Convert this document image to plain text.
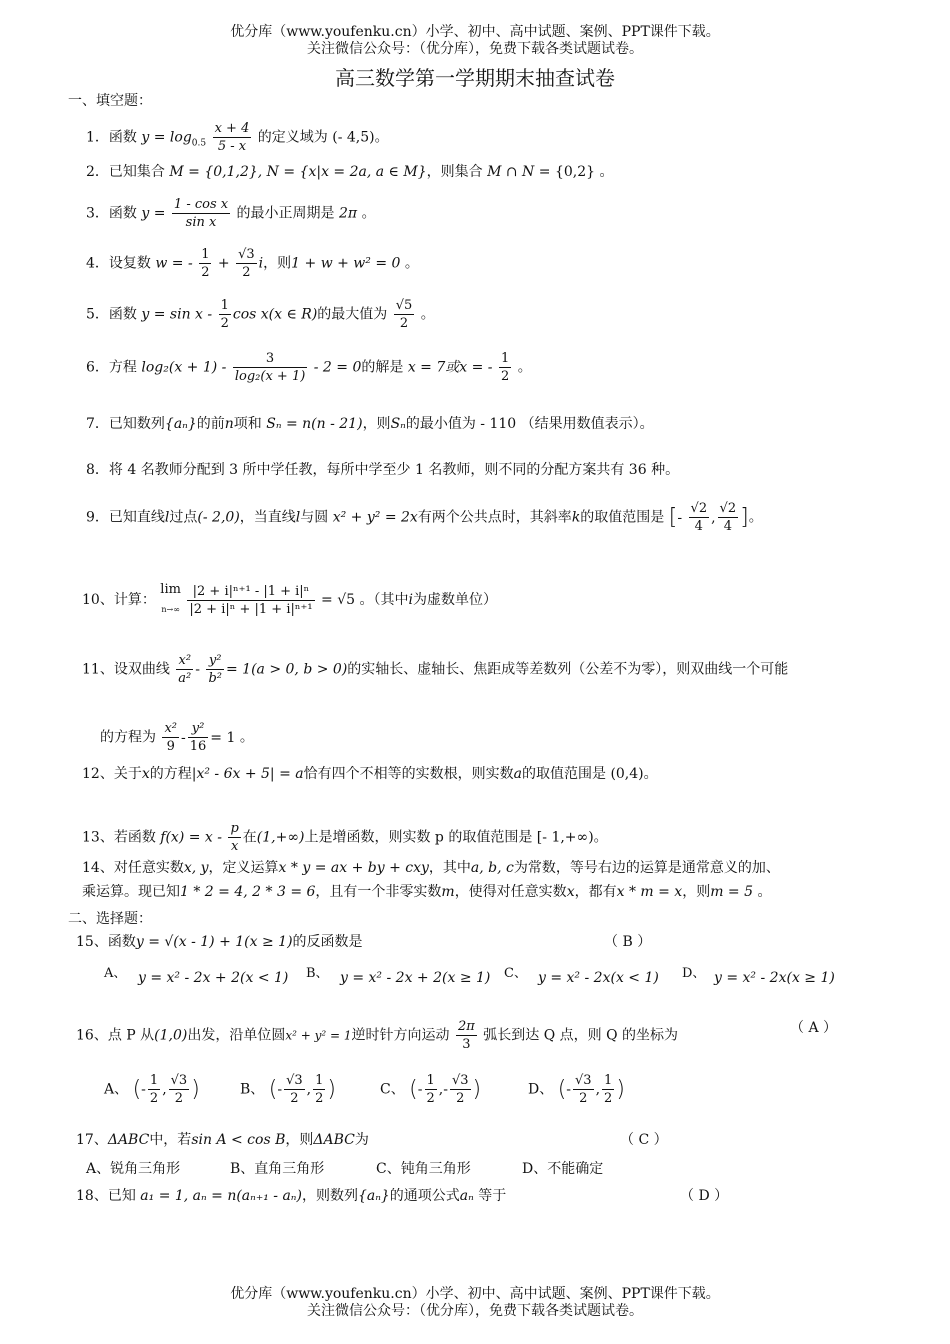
优分库（www.youfenku.cn）小学、初中、高中试题、案例、PPT课件下载。
关注微信公众号：（优分库），免费下载各类试题试卷。
高三数学第一学期期末抽查试卷
一、填空题：
1．函数 $y = \log_{0.5} \frac{x + 4}{5 - x}$ 的定义域为 (- 4,5)。
2．已知集合 M = {0,1,2}, N = {x|x = 2a, a ∈ M}，则集合 M ∩ N = {0,2} 。
3．函数 $y = \frac{\text{1 - cos x}}{\text{sin x}}$ 的最小正周期是 2π 。
4．设复数 w = - $\frac{1}{2} + \frac{√3}{2}$ i，则1 + w + w² = 0 。
5．函数 $y = \sin x - \frac{1}{2}$ cos x(x ∈ R)的最大值为 $\frac{√5}{2}$ 。
6．方程 $\log_2(x + 1) - \frac{3}{\text{log₂(x + 1)}} - 2 = 0$的解是 x = 7或x = - $\frac{1}{2}$ 。
7．已知数列{aₙ}的前n项和 Sₙ = n(n - 21)，则Sₙ的最小值为 - 110 （结果用数值表示）。
8．将 4 名教师分配到 3 所中学任教，每所中学至少 1 名教师，则不同的分配方案共有 36 种。
9．已知直线l过点(- 2,0)，当直线l与圆 x² + y² = 2x有两个公共点时，其斜率k的取值范围是 [- $\frac{√2}{4}$ , $\frac{√2}{4}$ ]。
10、计算：
lim
n→∞
$\frac{\text{|2 + i|ⁿ⁺¹ - |1 + i|ⁿ}}{\text{|2 + i|ⁿ + |1 + i|ⁿ⁺¹}} = √5$ 。（其中i为虚数单位）
11、设双曲线 $\frac{\text{x²}}{\text{a²}} - \frac{\text{y²}}{\text{b²}} = 1(a > 0$, b > 0)的实轴长、虚轴长、焦距成等差数列（公差不为零），则双曲线一个可能
的方程为 $\frac{\text{x²}}{9} - \frac{\text{y²}}{16} = 1$ 。
12、关于x的方程|x² - 6x + 5| = a恰有四个不相等的实数根，则实数a的取值范围是 (0,4)。
13、若函数 $f(x) = x - \frac{p}{x}$ 在(1,+∞)上是增函数，则实数 p 的取值范围是 [- 1,+∞)。
14、对任意实数x, y，定义运算x * y = ax + by + cxy，其中a, b, c为常数，等号右边的运算是通常意义的加、
乘运算。现已知1 * 2 = 4, 2 * 3 = 6，且有一个非零实数m，使得对任意实数x，都有x * m = x，则m = 5 。
二、选择题：
15、函数y = √(x - 1) + 1(x ≥ 1)的反函数是	（ B ）
A、 y = x² - 2x + 2(x < 1) B、 y = x² - 2x + 2(x ≥ 1) C、 y = x² - 2x(x < 1) D、 y = x² - 2x(x ≥ 1)
16、点 P 从(1,0)出发，沿单位圆x² + y² = 1逆时针方向运动 $\frac{2\pi}{3}$ 弧长到达 Q 点，则 Q 的坐标为	（ A ）
A、 (- $\frac{1}{2}$ , $\frac{√3}{2}$ )	B、 (- $\frac{√3}{2}$ , $\frac{1}{2}$ )	C、 (- $\frac{1}{2}$ ,- $\frac{√3}{2}$ )	D、 (- $\frac{√3}{2}$ , $\frac{1}{2}$ )
17、ΔABC中，若sin A < cos B，则ΔABC为	（ C ）
A、锐角三角形	B、直角三角形	C、钝角三角形	D、不能确定
18、已知 a₁ = 1, aₙ = n(aₙ₊₁ - aₙ)，则数列{aₙ}的通项公式aₙ 等于	（ D ）
优分库（www.youfenku.cn）小学、初中、高中试题、案例、PPT课件下载。
关注微信公众号：（优分库），免费下载各类试题试卷。
